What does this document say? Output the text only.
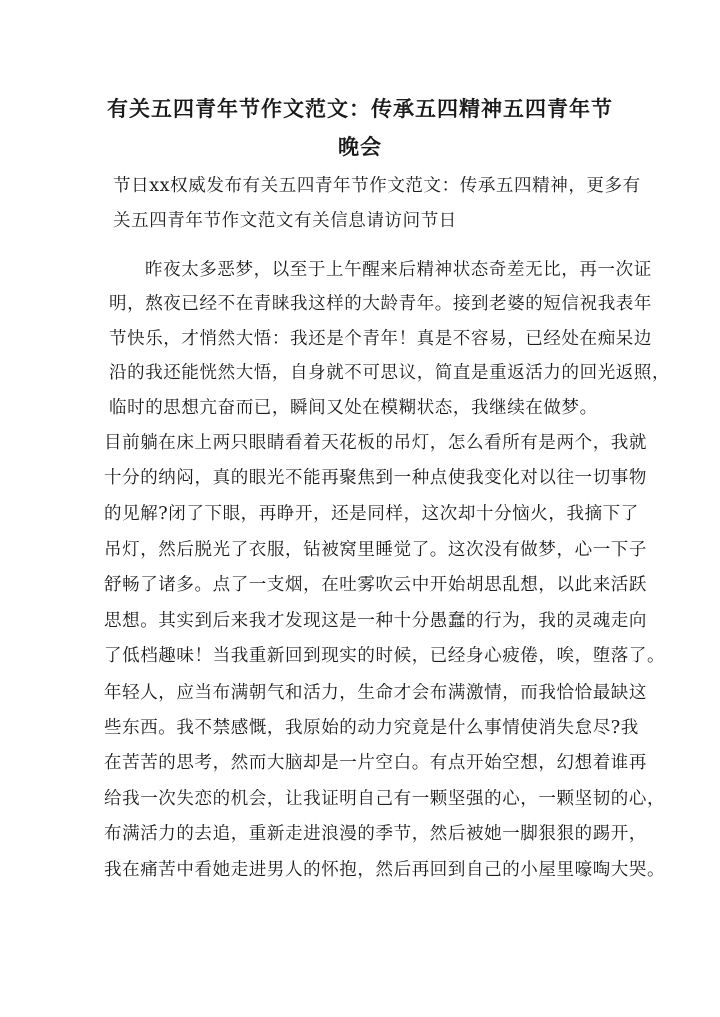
有关五四青年节作文范文：传承五四精神五四青年节
晚会
节日xx权威发布有关五四青年节作文范文：传承五四精神，更多有
关五四青年节作文范文有关信息请访问节日
昨夜太多恶梦，以至于上午醒来后精神状态奇差无比，再一次证
明，熬夜已经不在青睐我这样的大龄青年。接到老婆的短信祝我表年
节快乐，才悄然大悟：我还是个青年！真是不容易，已经处在痴呆边
沿的我还能恍然大悟，自身就不可思议，简直是重返活力的回光返照，
临时的思想亢奋而已，瞬间又处在模糊状态，我继续在做梦。
目前躺在床上两只眼睛看着天花板的吊灯，怎么看所有是两个，我就
十分的纳闷，真的眼光不能再聚焦到一种点使我变化对以往一切事物
的见解?闭了下眼，再睁开，还是同样，这次却十分恼火，我摘下了
吊灯，然后脱光了衣服，钻被窝里睡觉了。这次没有做梦，心一下子
舒畅了诸多。点了一支烟，在吐雾吹云中开始胡思乱想，以此来活跃
思想。其实到后来我才发现这是一种十分愚蠢的行为，我的灵魂走向
了低档趣味！当我重新回到现实的时候，已经身心疲倦，唉，堕落了。
年轻人，应当布满朝气和活力，生命才会布满激情，而我恰恰最缺这
些东西。我不禁感慨，我原始的动力究竟是什么事情使消失怠尽?我
在苦苦的思考，然而大脑却是一片空白。有点开始空想，幻想着谁再
给我一次失恋的机会，让我证明自己有一颗坚强的心，一颗坚韧的心，
布满活力的去追，重新走进浪漫的季节，然后被她一脚狠狠的踢开，
我在痛苦中看她走进男人的怀抱，然后再回到自己的小屋里嚎啕大哭。
